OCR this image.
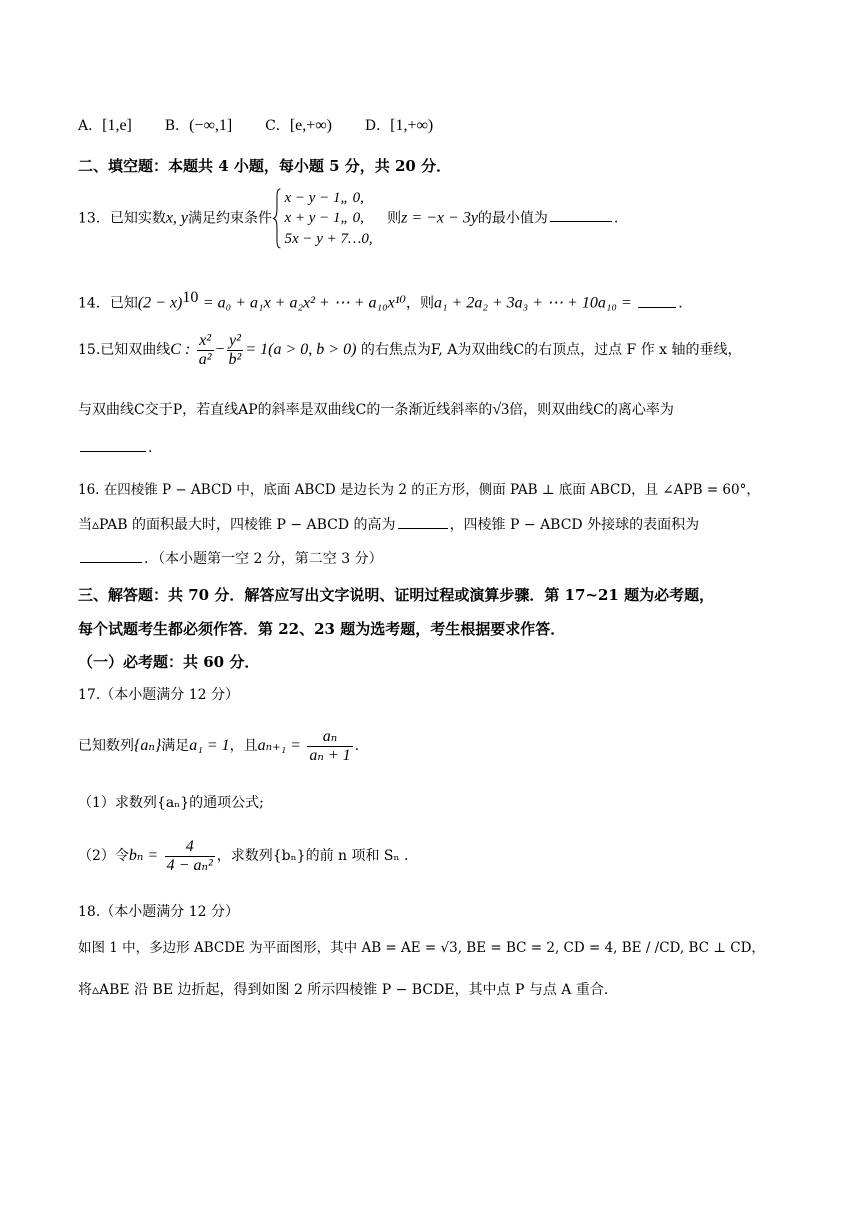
A．[1,e] B．(−∞,1] C．[e,+∞) D．[1,+∞)
二、填空题：本题共 4 小题，每小题 5 分，共 20 分．
13．已知实数x, y满足约束条件
x − y − 1„ 0,
x + y − 1„ 0,
5x − y + 7…0,
则z = −x − 3y的最小值为	.
14．已知$(2 - x)^{10} = a_0 + a_1x + a_2x^2$ + ⋯ + a₁₀x¹⁰，则a₁ + 2a₂ + 3a₃ + ⋯ + 10a₁₀ =	.
15.已知双曲线C : $\frac{\text{x²}}{\text{a²}} - \frac{\text{y²}}{\text{b²}} = 1(a > 0$, b > 0) 的右焦点为F, A为双曲线C的右顶点，过点 F 作 x 轴的垂线，
与双曲线C交于P，若直线AP的斜率是双曲线C的一条渐近线斜率的√3倍，则双曲线C的离心率为
.
16. 在四棱锥 P − ABCD 中，底面 ABCD 是边长为 2 的正方形，侧面 PAB ⊥ 底面 ABCD，且 ∠APB = 60°，
当▵PAB 的面积最大时，四棱锥 P − ABCD 的高为	，四棱锥 P − ABCD 外接球的表面积为
．（本小题第一空 2 分，第二空 3 分）
三、解答题：共 70 分．解答应写出文字说明、证明过程或演算步骤．第 17~21 题为必考题，
每个试题考生都必须作答．第 22、23 题为选考题，考生根据要求作答．
（一）必考题：共 60 分．
17.（本小题满分 12 分）
已知数列{aₙ}满足a₁ = 1，且$a_{n+1} = \frac{\text{aₙ}}{\text{aₙ + 1}}$ .
（1）求数列{aₙ}的通项公式;
（2）令$b_n = \frac{4}{\text{4 − aₙ²}}$ ，求数列{bₙ}的前 n 项和 Sₙ .
18.（本小题满分 12 分）
如图 1 中，多边形 ABCDE 为平面图形，其中 AB = AE = √3, BE = BC = 2, CD = 4, BE / /CD, BC ⊥ CD，
将▵ABE 沿 BE 边折起，得到如图 2 所示四棱锥 P − BCDE，其中点 P 与点 A 重合.
